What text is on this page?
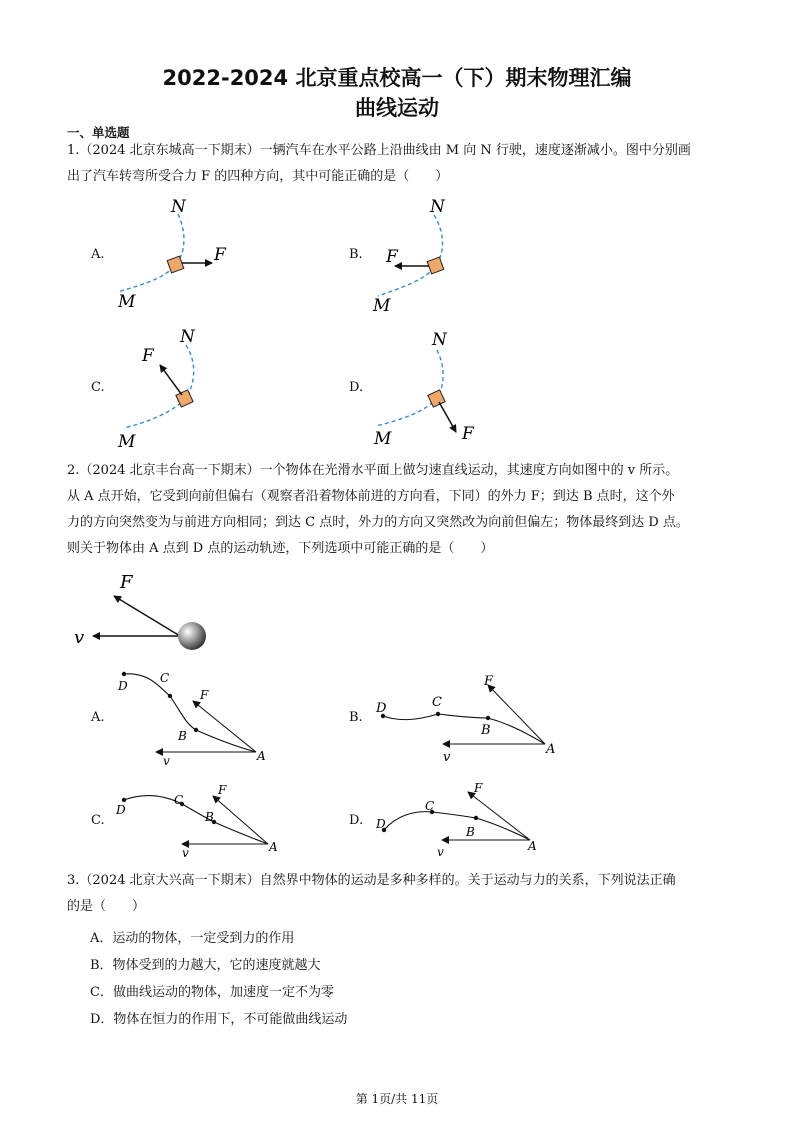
2022-2024 北京重点校高一（下）期末物理汇编
曲线运动
一、单选题
1.（2024 北京东城高一下期末）一辆汽车在水平公路上沿曲线由 M 向 N 行驶，速度逐渐减小。图中分别画
出了汽车转弯所受合力 F 的四种方向，其中可能正确的是（　　）
A.	B.
C.	D.
N
F
M
N
F
M
N
F
M
N
F
M
2.（2024 北京丰台高一下期末）一个物体在光滑水平面上做匀速直线运动，其速度方向如图中的 v 所示。
从 A 点开始，它受到向前但偏右（观察者沿着物体前进的方向看，下同）的外力 F；到达 B 点时，这个外
力的方向突然变为与前进方向相同；到达 C 点时，外力的方向又突然改为向前但偏左；物体最终到达 D 点。
则关于物体由 A 点到 D 点的运动轨迹，下列选项中可能正确的是（　　）
A.	B.
C.	D.
F
v
D
C
F
B
A
v
D	C
F
B
A
v
D
C
F
B
A
v
D
C
F
B
A
v
3.（2024 北京大兴高一下期末）自然界中物体的运动是多种多样的。关于运动与力的关系，下列说法正确
的是（　　）
A．运动的物体，一定受到力的作用
B．物体受到的力越大，它的速度就越大
C．做曲线运动的物体，加速度一定不为零
D．物体在恒力的作用下，不可能做曲线运动
第 1页/共 11页
